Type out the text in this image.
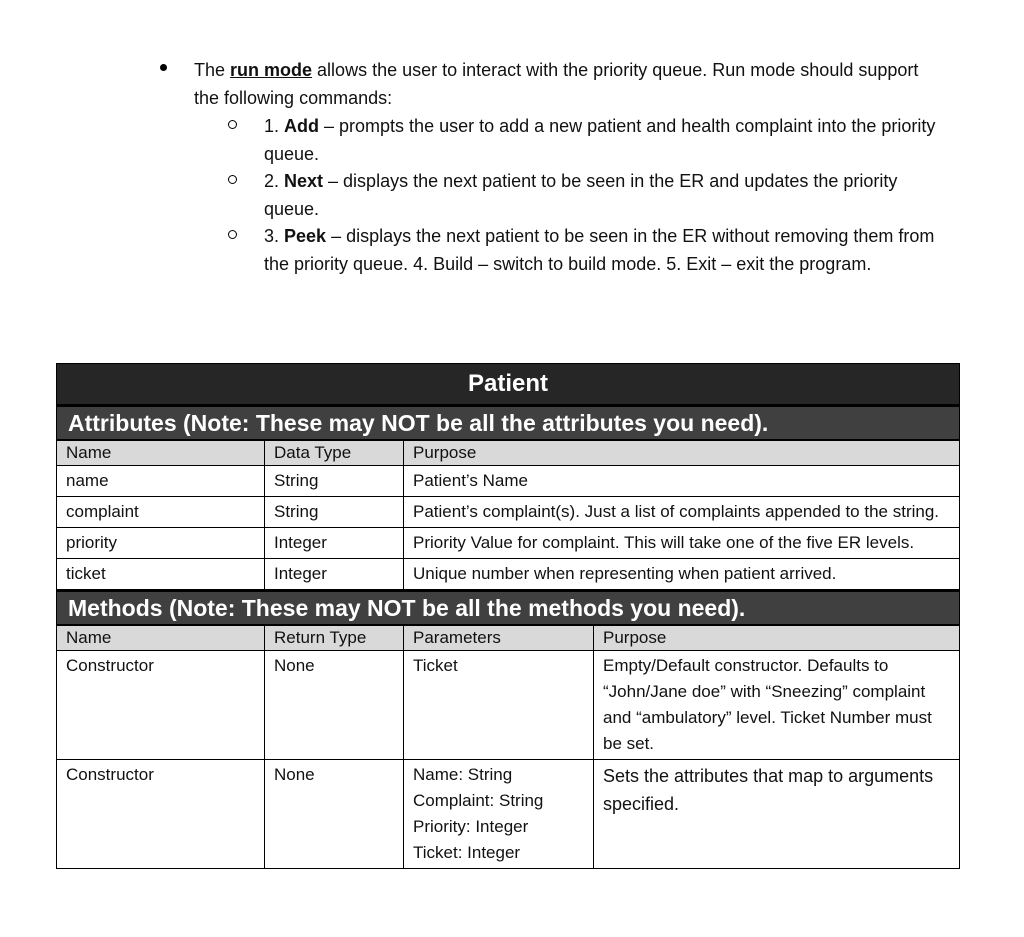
The run mode allows the user to interact with the priority queue. Run mode should support the following commands:
1. Add – prompts the user to add a new patient and health complaint into the priority queue.
2. Next – displays the next patient to be seen in the ER and updates the priority queue.
3. Peek – displays the next patient to be seen in the ER without removing them from the priority queue. 4. Build – switch to build mode. 5. Exit – exit the program.
Patient			
Attributes (Note: These may NOT be all the attributes you need).			
Name	Data Type	Purpose	
name	String	Patient’s Name	
complaint	String	Patient’s complaint(s). Just a list of complaints appended to the string.	
priority	Integer	Priority Value for complaint. This will take one of the five ER levels.	
ticket	Integer	Unique number when representing when patient arrived.	
Methods (Note: These may NOT be all the methods you need).			
Name	Return Type	Parameters	Purpose
Constructor	None	Ticket	Empty/Default constructor. Defaults to “John/Jane doe” with “Sneezing” complaint and “ambulatory” level. Ticket Number must be set.
Constructor	None	Name: String
Complaint: String
Priority: Integer
Ticket: Integer	Sets the attributes that map to arguments specified.
